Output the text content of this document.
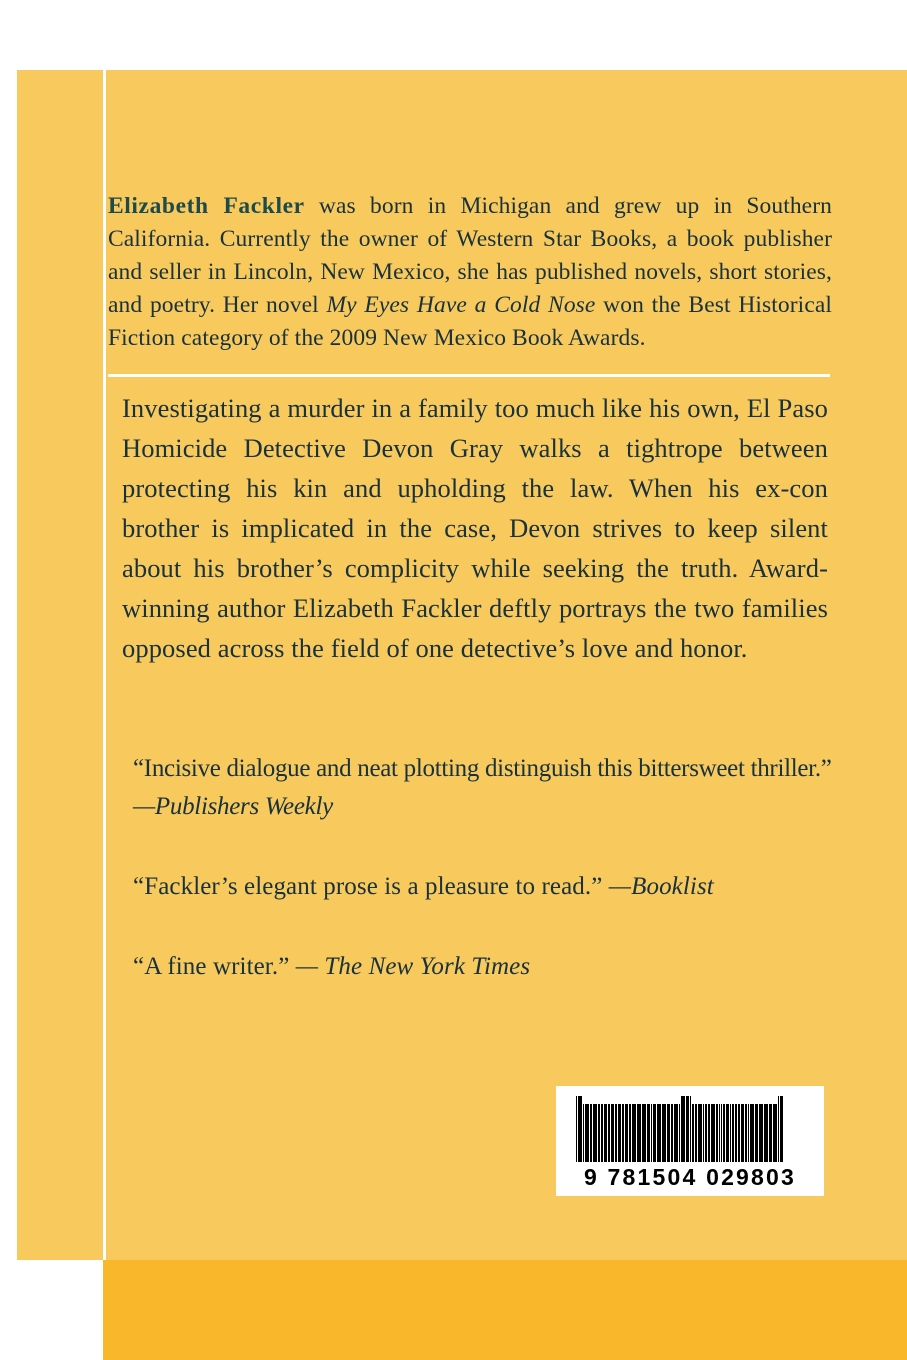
Elizabeth Fackler was born in Michigan and grew up in Southern California. Currently the owner of Western Star Books, a book publisher and seller in Lincoln, New Mexico, she has published novels, short stories, and poetry. Her novel My Eyes Have a Cold Nose won the Best Historical Fiction category of the 2009 New Mexico Book Awards.
Investigating a murder in a family too much like his own, El Paso Homicide Detective Devon Gray walks a tightrope between protecting his kin and upholding the law. When his ex-con brother is implicated in the case, Devon strives to keep silent about his brother’s complicity while seeking the truth. Award-winning author Elizabeth Fackler deftly portrays the two families opposed across the field of one detective’s love and honor.
“Incisive dialogue and neat plotting distinguish this bittersweet thriller.” —Publishers Weekly
“Fackler’s elegant prose is a pleasure to read.” —Booklist
“A fine writer.” — The New York Times
9 781504 029803
